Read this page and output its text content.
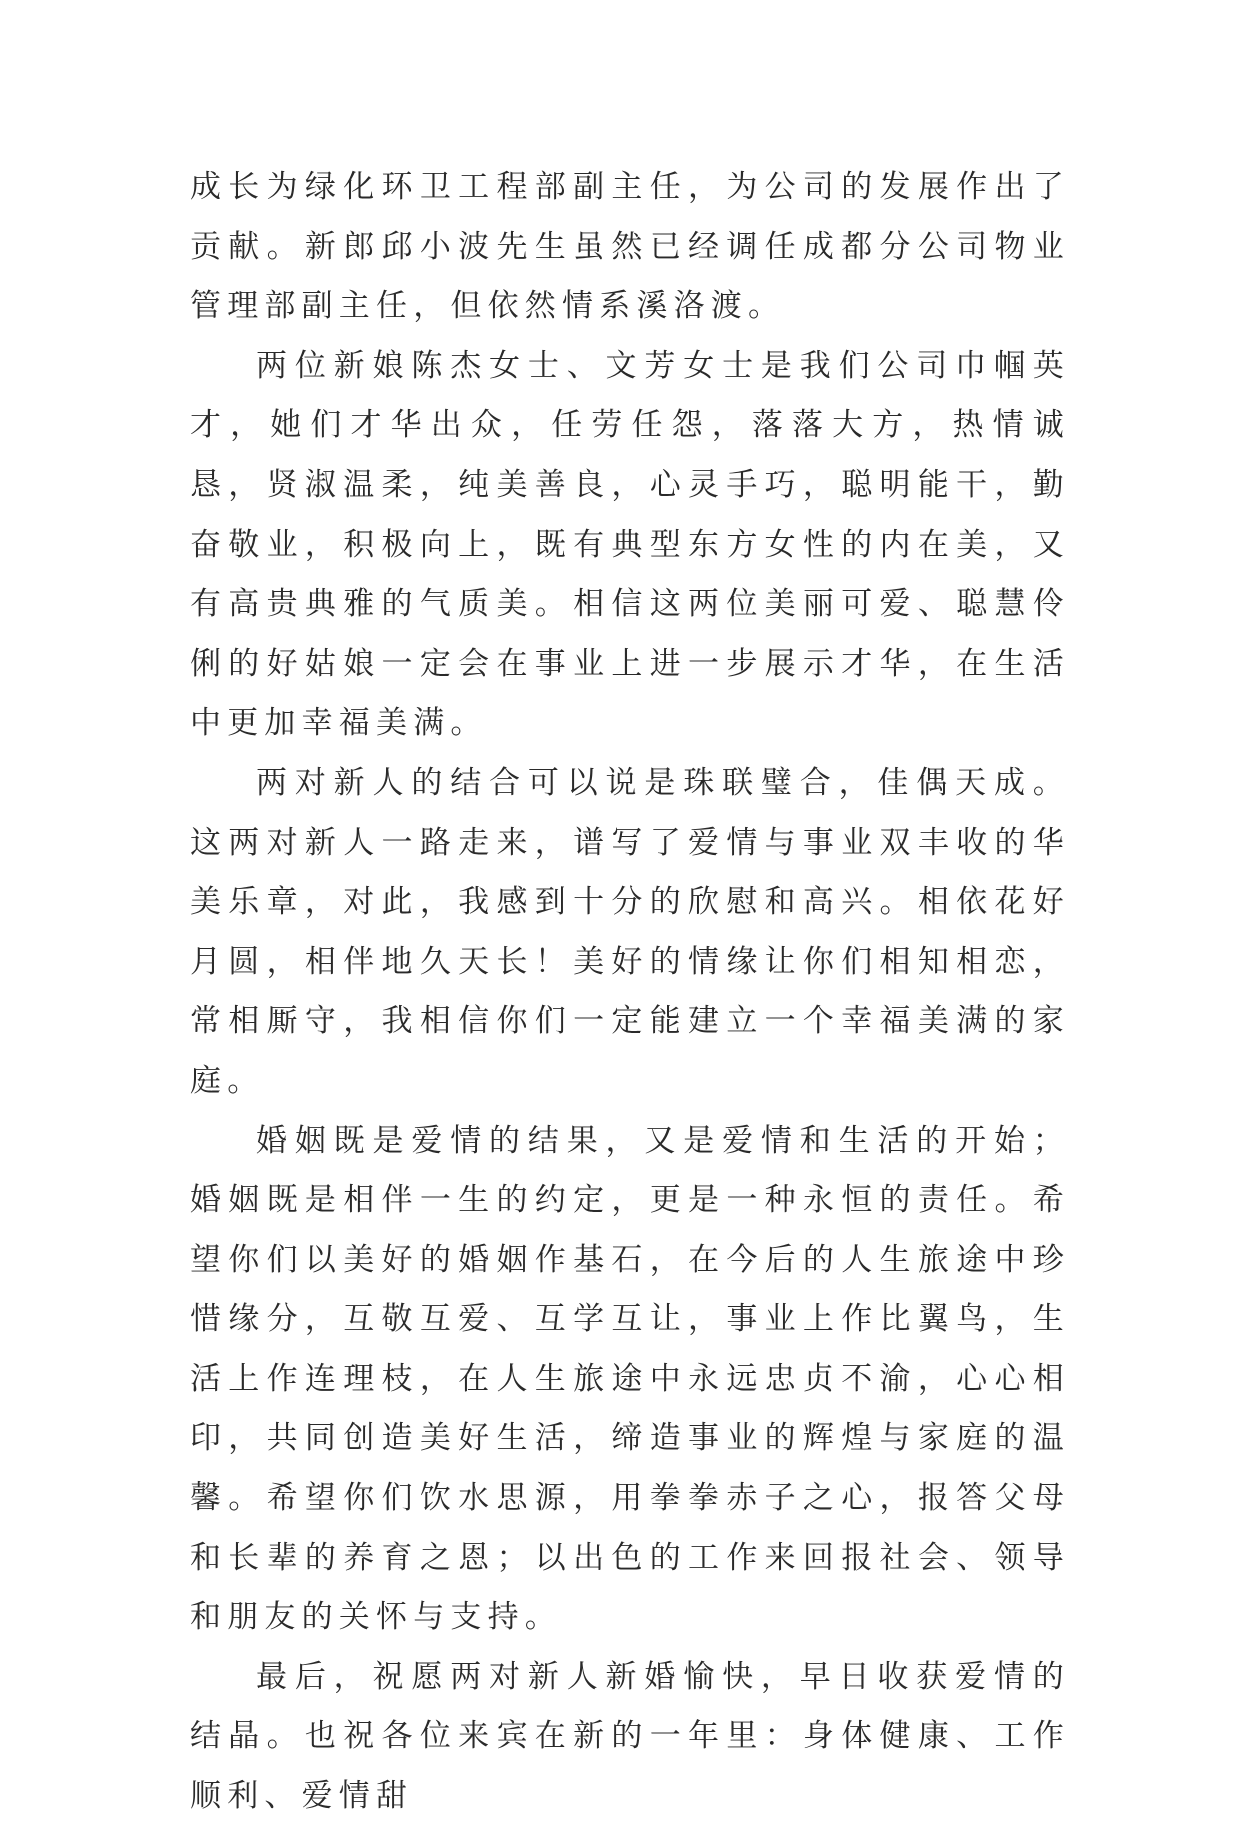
成长为绿化环卫工程部副主任，为公司的发展作出了贡献。新郎邱小波先生虽然已经调任成都分公司物业管理部副主任，但依然情系溪洛渡。

两位新娘陈杰女士、文芳女士是我们公司巾帼英才，她们才华出众，任劳任怨，落落大方，热情诚恳，贤淑温柔，纯美善良，心灵手巧，聪明能干，勤奋敬业，积极向上，既有典型东方女性的内在美，又有高贵典雅的气质美。相信这两位美丽可爱、聪慧伶俐的好姑娘一定会在事业上进一步展示才华，在生活中更加幸福美满。

两对新人的结合可以说是珠联璧合，佳偶天成。这两对新人一路走来，谱写了爱情与事业双丰收的华美乐章，对此，我感到十分的欣慰和高兴。相依花好月圆，相伴地久天长！美好的情缘让你们相知相恋，常相厮守，我相信你们一定能建立一个幸福美满的家庭。

婚姻既是爱情的结果，又是爱情和生活的开始；婚姻既是相伴一生的约定，更是一种永恒的责任。希望你们以美好的婚姻作基石，在今后的人生旅途中珍惜缘分，互敬互爱、互学互让，事业上作比翼鸟，生活上作连理枝，在人生旅途中永远忠贞不渝，心心相印，共同创造美好生活，缔造事业的辉煌与家庭的温馨。希望你们饮水思源，用拳拳赤子之心，报答父母和长辈的养育之恩；以出色的工作来回报社会、领导和朋友的关怀与支持。

最后，祝愿两对新人新婚愉快，早日收获爱情的结晶。也祝各位来宾在新的一年里：身体健康、工作顺利、爱情甜
